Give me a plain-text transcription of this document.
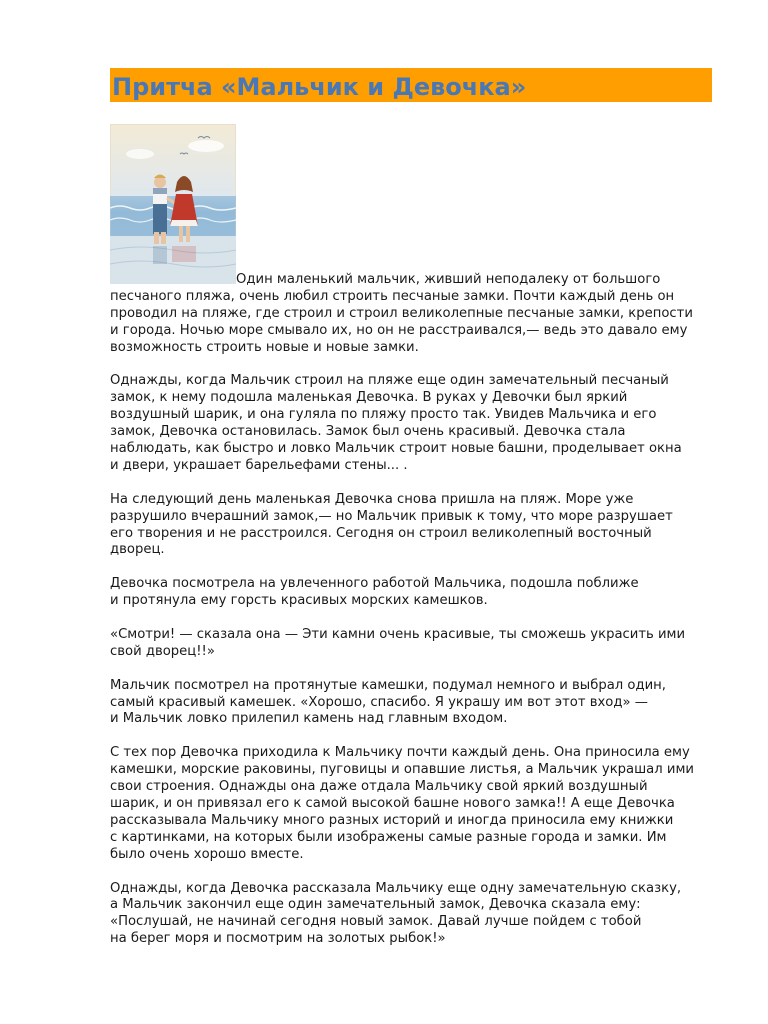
Притча «Мальчик и Девочка»

Один маленький мальчик, живший неподалеку от большого
песчаного пляжа, очень любил строить песчаные замки. Почти каждый день он
проводил на пляже, где строил и строил великолепные песчаные замки, крепости
и города. Ночью море смывало их, но он не расстраивался,— ведь это давало ему
возможность строить новые и новые замки.

Однажды, когда Мальчик строил на пляже еще один замечательный песчаный
замок, к нему подошла маленькая Девочка. В руках у Девочки был яркий
воздушный шарик, и она гуляла по пляжу просто так. Увидев Мальчика и его
замок, Девочка остановилась. Замок был очень красивый. Девочка стала
наблюдать, как быстро и ловко Мальчик строит новые башни, проделывает окна
и двери, украшает барельефами стены... .

На следующий день маленькая Девочка снова пришла на пляж. Море уже
разрушило вчерашний замок,— но Мальчик привык к тому, что море разрушает
его творения и не расстроился. Сегодня он строил великолепный восточный
дворец.

Девочка посмотрела на увлеченного работой Мальчика, подошла поближе
и протянула ему горсть красивых морских камешков.

«Смотри! — сказала она — Эти камни очень красивые, ты сможешь украсить ими
свой дворец!!»

Мальчик посмотрел на протянутые камешки, подумал немного и выбрал один,
самый красивый камешек. «Хорошо, спасибо. Я украшу им вот этот вход» —
и Мальчик ловко прилепил камень над главным входом.

С тех пор Девочка приходила к Мальчику почти каждый день. Она приносила ему
камешки, морские раковины, пуговицы и опавшие листья, а Мальчик украшал ими
свои строения. Однажды она даже отдала Мальчику свой яркий воздушный
шарик, и он привязал его к самой высокой башне нового замка!! А еще Девочка
рассказывала Мальчику много разных историй и иногда приносила ему книжки
с картинками, на которых были изображены самые разные города и замки. Им
было очень хорошо вместе.

Однажды, когда Девочка рассказала Мальчику еще одну замечательную сказку,
а Мальчик закончил еще один замечательный замок, Девочка сказала ему:
«Послушай, не начинай сегодня новый замок. Давай лучше пойдем с тобой
на берег моря и посмотрим на золотых рыбок!»
